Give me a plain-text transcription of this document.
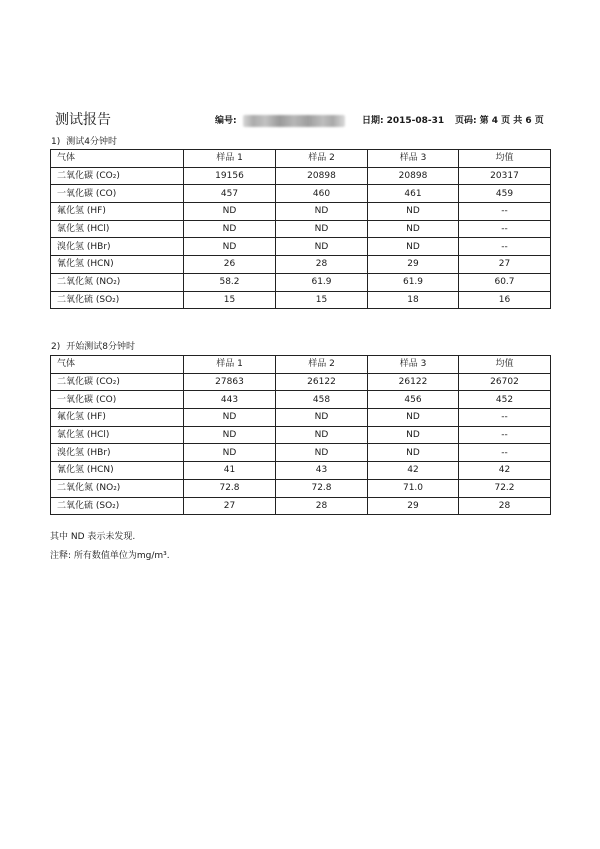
测试报告	编号:	日期: 2015-08-31 页码: 第 4 页 共 6 页
1) 测试4分钟时
气体	样品 1	样品 2	样品 3	均值
二氧化碳 (CO₂)	19156	20898	20898	20317
一氧化碳 (CO)	457	460	461	459
氟化氢 (HF)	ND	ND	ND	--
氯化氢 (HCl)	ND	ND	ND	--
溴化氢 (HBr)	ND	ND	ND	--
氰化氢 (HCN)	26	28	29	27
二氧化氮 (NO₂)	58.2	61.9	61.9	60.7
二氧化硫 (SO₂)	15	15	18	16
2) 开始测试8分钟时
气体	样品 1	样品 2	样品 3	均值
二氧化碳 (CO₂)	27863	26122	26122	26702
一氧化碳 (CO)	443	458	456	452
氟化氢 (HF)	ND	ND	ND	--
氯化氢 (HCl)	ND	ND	ND	--
溴化氢 (HBr)	ND	ND	ND	--
氰化氢 (HCN)	41	43	42	42
二氧化氮 (NO₂)	72.8	72.8	71.0	72.2
二氧化硫 (SO₂)	27	28	29	28
其中 ND 表示未发现.
注释: 所有数值单位为mg/m³.
